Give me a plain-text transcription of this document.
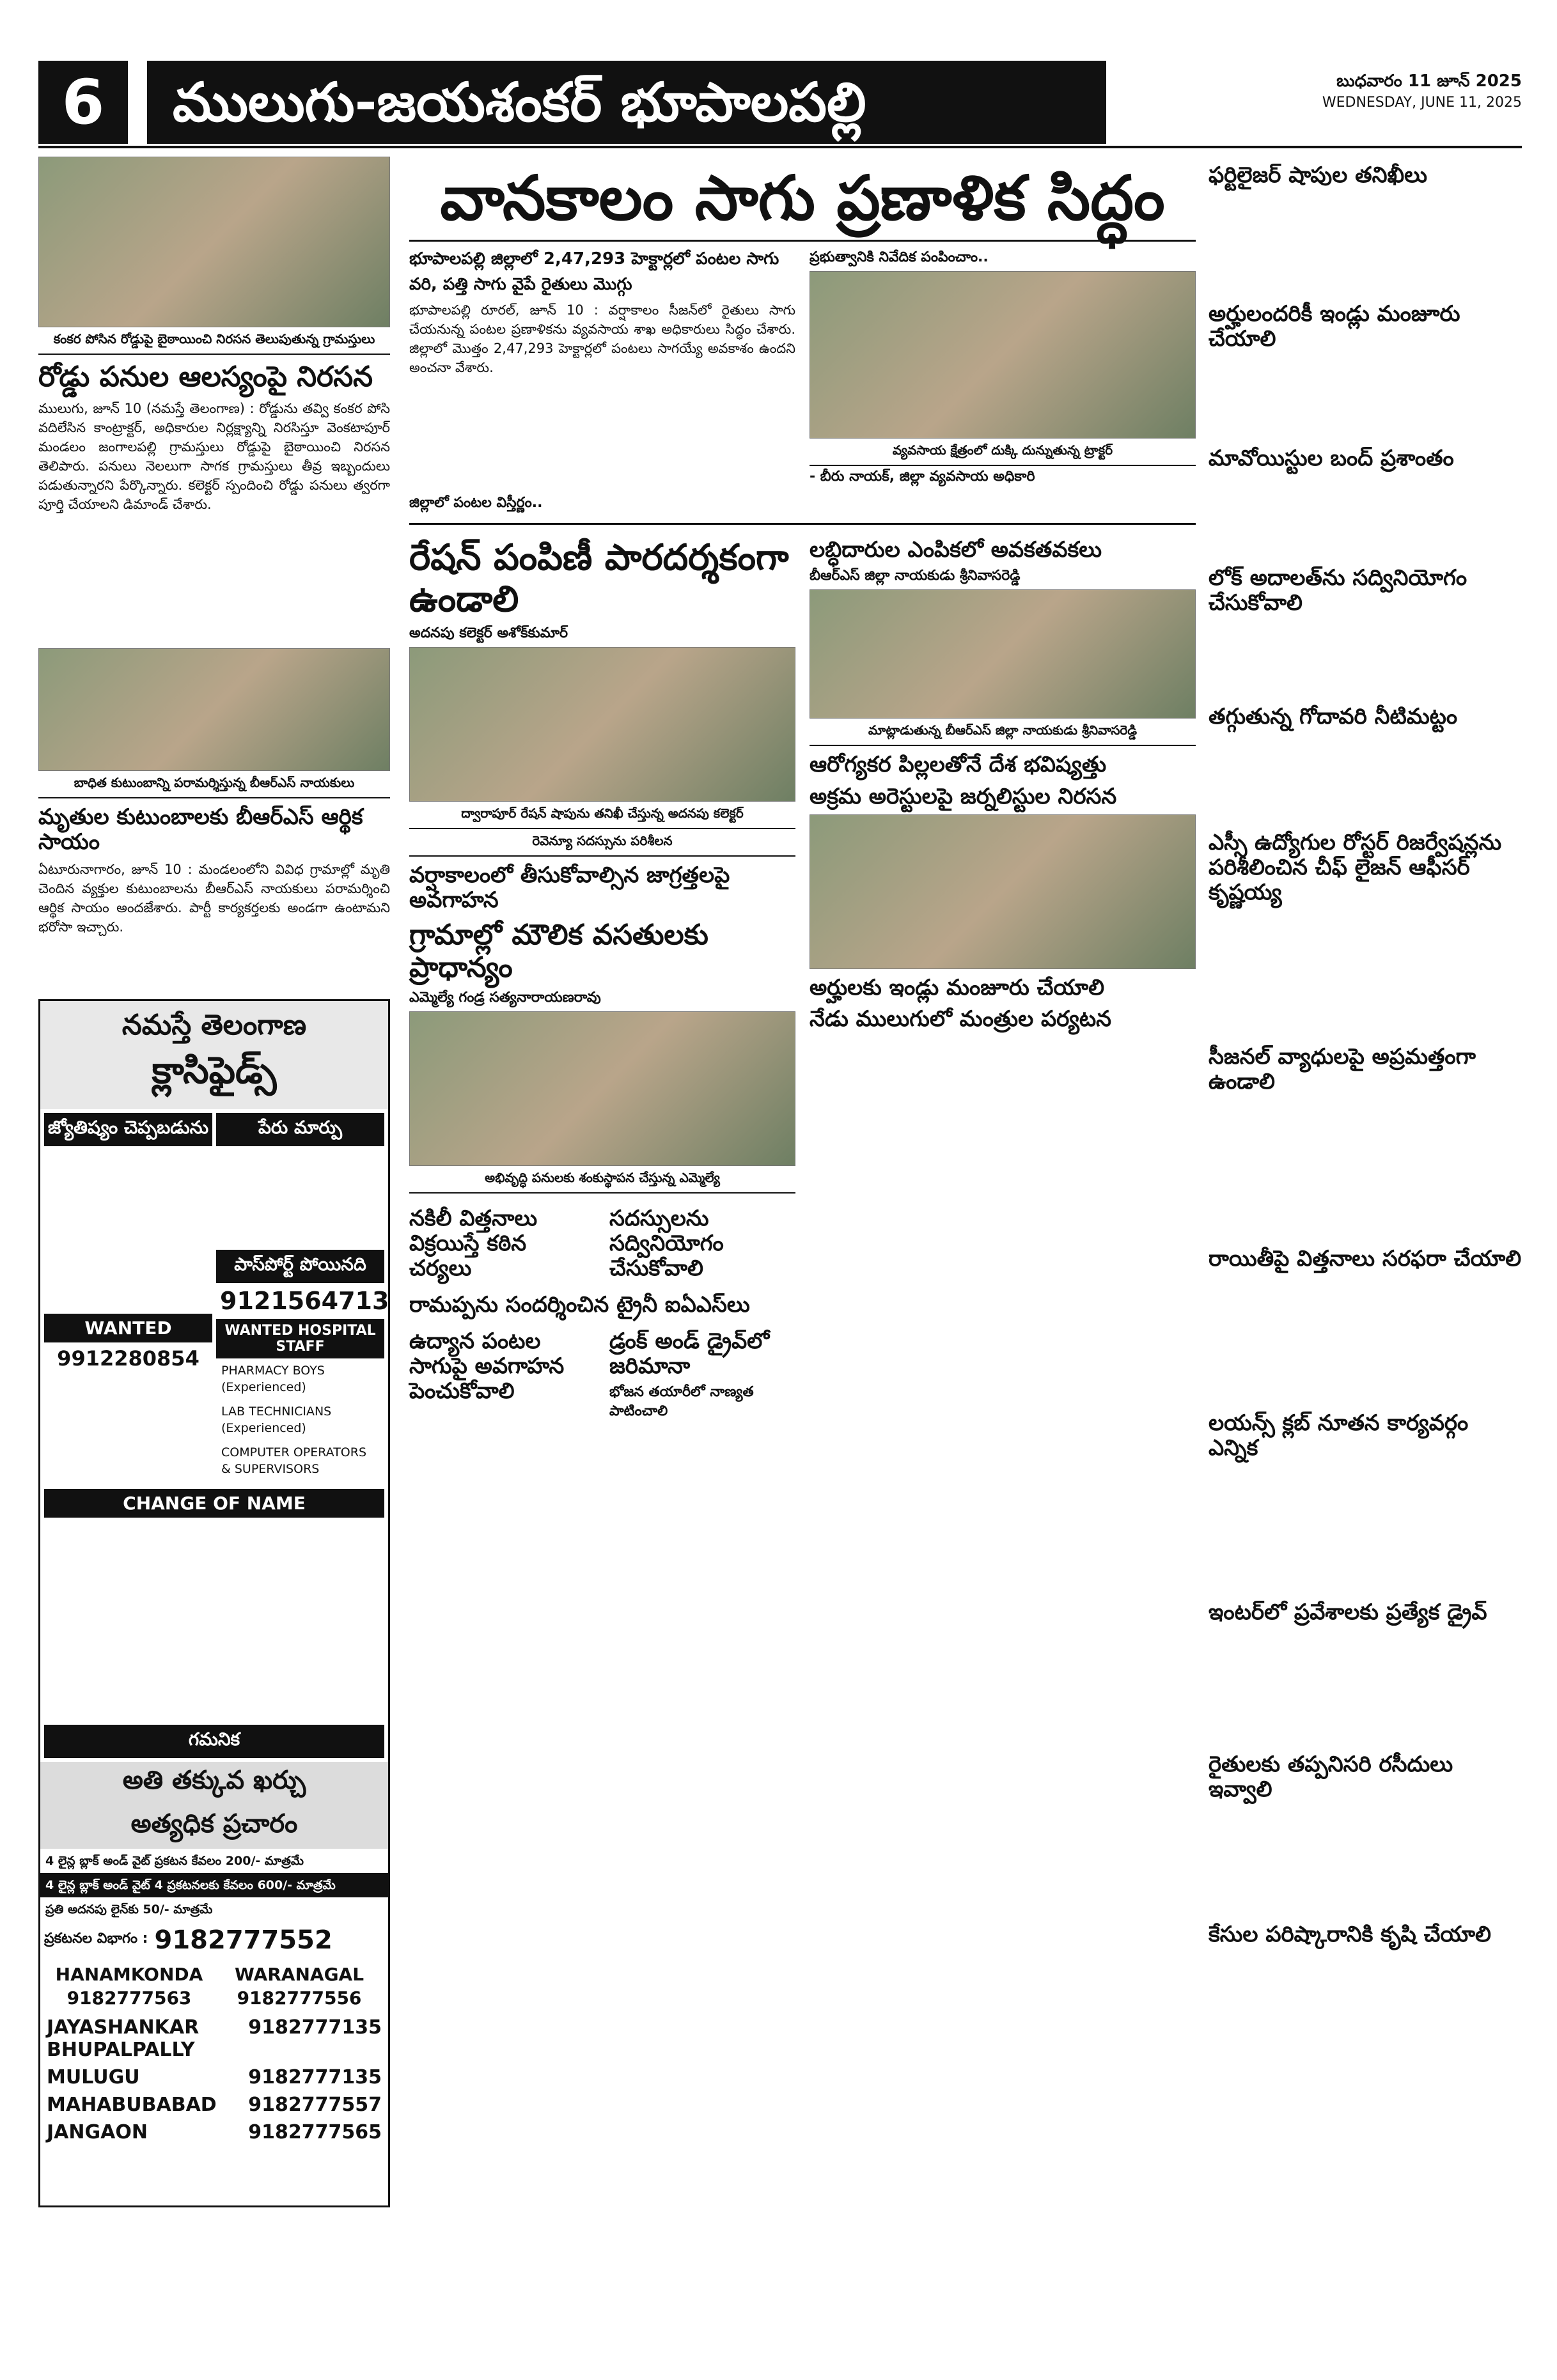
6	ములుగు-జయశంకర్ భూపాలపల్లి	బుధవారం 11 జూన్ 2025
WEDNESDAY, JUNE 11, 2025
కంకర పోసిన రోడ్డుపై బైఠాయించి నిరసన తెలుపుతున్న గ్రామస్తులు
రోడ్డు పనుల ఆలస్యంపై నిరసన
ములుగు, జూన్ 10 (నమస్తే తెలంగాణ) : రోడ్డును తవ్వి కంకర పోసి వదిలేసిన కాంట్రాక్టర్, అధికారుల నిర్లక్ష్యాన్ని నిరసిస్తూ వెంకటాపూర్ మండలం జంగాలపల్లి గ్రామస్తులు రోడ్డుపై బైఠాయించి నిరసన తెలిపారు. పనులు నెలలుగా సాగక గ్రామస్తులు తీవ్ర ఇబ్బందులు పడుతున్నారని పేర్కొన్నారు. కలెక్టర్ స్పందించి రోడ్డు పనులు త్వరగా పూర్తి చేయాలని డిమాండ్ చేశారు.
బాధిత కుటుంబాన్ని పరామర్శిస్తున్న బీఆర్ఎస్ నాయకులు
మృతుల కుటుంబాలకు బీఆర్ఎస్ ఆర్థిక సాయం
ఏటూరునాగారం, జూన్ 10 : మండలంలోని వివిధ గ్రామాల్లో మృతి చెందిన వ్యక్తుల కుటుంబాలను బీఆర్ఎస్ నాయకులు పరామర్శించి ఆర్థిక సాయం అందజేశారు. పార్టీ కార్యకర్తలకు అండగా ఉంటామని భరోసా ఇచ్చారు.
నమస్తే తెలంగాణ
క్లాసిఫైడ్స్
జ్యోతిష్యం చెప్పబడును
WANTED
9912280854
పేరు మార్పు
పాస్‌పోర్ట్ పోయినది
9121564713
WANTED HOSPITAL STAFF
PHARMACY BOYS (Experienced)
LAB TECHNICIANS (Experienced)
COMPUTER OPERATORS & SUPERVISORS
CHANGE OF NAME
గమనిక
అతి తక్కువ ఖర్చు
అత్యధిక ప్రచారం
4 లైన్ల బ్లాక్ అండ్ వైట్ ప్రకటన కేవలం 200/- మాత్రమే
4 లైన్ల బ్లాక్ అండ్ వైట్ 4 ప్రకటనలకు కేవలం 600/- మాత్రమే
ప్రతి అదనపు లైన్‌కు 50/- మాత్రమే
ప్రకటనల విభాగం : 9182777552
HANAMKONDA	WARANAGAL
9182777563	9182777556
JAYASHANKAR BHUPALPALLY
9182777135
MULUGU	9182777135
MAHABUBABAD 9182777557
JANGAON	9182777565
వానకాలం సాగు ప్రణాళిక సిద్ధం
భూపాలపల్లి జిల్లాలో 2,47,293 హెక్టార్లలో పంటల సాగు
వరి, పత్తి సాగు వైపే రైతులు మొగ్గు
భూపాలపల్లి రూరల్, జూన్ 10 : వర్షాకాలం సీజన్‌లో రైతులు సాగు చేయనున్న పంటల ప్రణాళికను వ్యవసాయ శాఖ అధికారులు సిద్ధం చేశారు. జిల్లాలో మొత్తం 2,47,293 హెక్టార్లలో పంటలు సాగయ్యే అవకాశం ఉందని అంచనా వేశారు.
జిల్లాలో పంటల విస్తీర్ణం..
ప్రభుత్వానికి నివేదిక పంపించాం..
వ్యవసాయ క్షేత్రంలో దుక్కి దున్నుతున్న ట్రాక్టర్
- బీరు నాయక్, జిల్లా వ్యవసాయ అధికారి
రేషన్ పంపిణీ పారదర్శకంగా ఉండాలి
అదనపు కలెక్టర్ అశోక్‌కుమార్
ద్వారాపూర్ రేషన్ షాపును తనిఖీ చేస్తున్న అదనపు కలెక్టర్
రెవెన్యూ సదస్సును పరిశీలన
వర్షాకాలంలో తీసుకోవాల్సిన జాగ్రత్తలపై అవగాహన
గ్రామాల్లో మౌలిక వసతులకు ప్రాధాన్యం
ఎమ్మెల్యే గండ్ర సత్యనారాయణరావు
అభివృద్ధి పనులకు శంకుస్థాపన చేస్తున్న ఎమ్మెల్యే
నకిలీ విత్తనాలు విక్రయిస్తే కఠిన చర్యలు
సదస్సులను సద్వినియోగం చేసుకోవాలి
రామప్పను సందర్శించిన ట్రైనీ ఐఏఎస్‌లు
ఉద్యాన పంటల సాగుపై అవగాహన పెంచుకోవాలి
డ్రంక్ అండ్ డ్రైవ్‌లో జరిమానా
భోజన తయారీలో నాణ్యత పాటించాలి
లబ్ధిదారుల ఎంపికలో అవకతవకలు
బీఆర్ఎస్ జిల్లా నాయకుడు శ్రీనివాసరెడ్డి
మాట్లాడుతున్న బీఆర్ఎస్ జిల్లా నాయకుడు శ్రీనివాసరెడ్డి
ఆరోగ్యకర పిల్లలతోనే దేశ భవిష్యత్తు
అక్రమ అరెస్టులపై జర్నలిస్టుల నిరసన
అర్హులకు ఇండ్లు మంజూరు చేయాలి
నేడు ములుగులో మంత్రుల పర్యటన
ఫర్టిలైజర్ షాపుల తనిఖీలు
అర్హులందరికీ ఇండ్లు మంజూరు చేయాలి
మావోయిస్టుల బంద్ ప్రశాంతం
లోక్ అదాలత్‌ను సద్వినియోగం చేసుకోవాలి
తగ్గుతున్న గోదావరి నీటిమట్టం
ఎస్సీ ఉద్యోగుల రోస్టర్ రిజర్వేషన్లను పరిశీలించిన చీఫ్ లైజన్ ఆఫీసర్ కృష్ణయ్య
సీజనల్ వ్యాధులపై అప్రమత్తంగా ఉండాలి
రాయితీపై విత్తనాలు సరఫరా చేయాలి
లయన్స్ క్లబ్ నూతన కార్యవర్గం ఎన్నిక
ఇంటర్‌లో ప్రవేశాలకు ప్రత్యేక డ్రైవ్
రైతులకు తప్పనిసరి రసీదులు ఇవ్వాలి
కేసుల పరిష్కారానికి కృషి చేయాలి
